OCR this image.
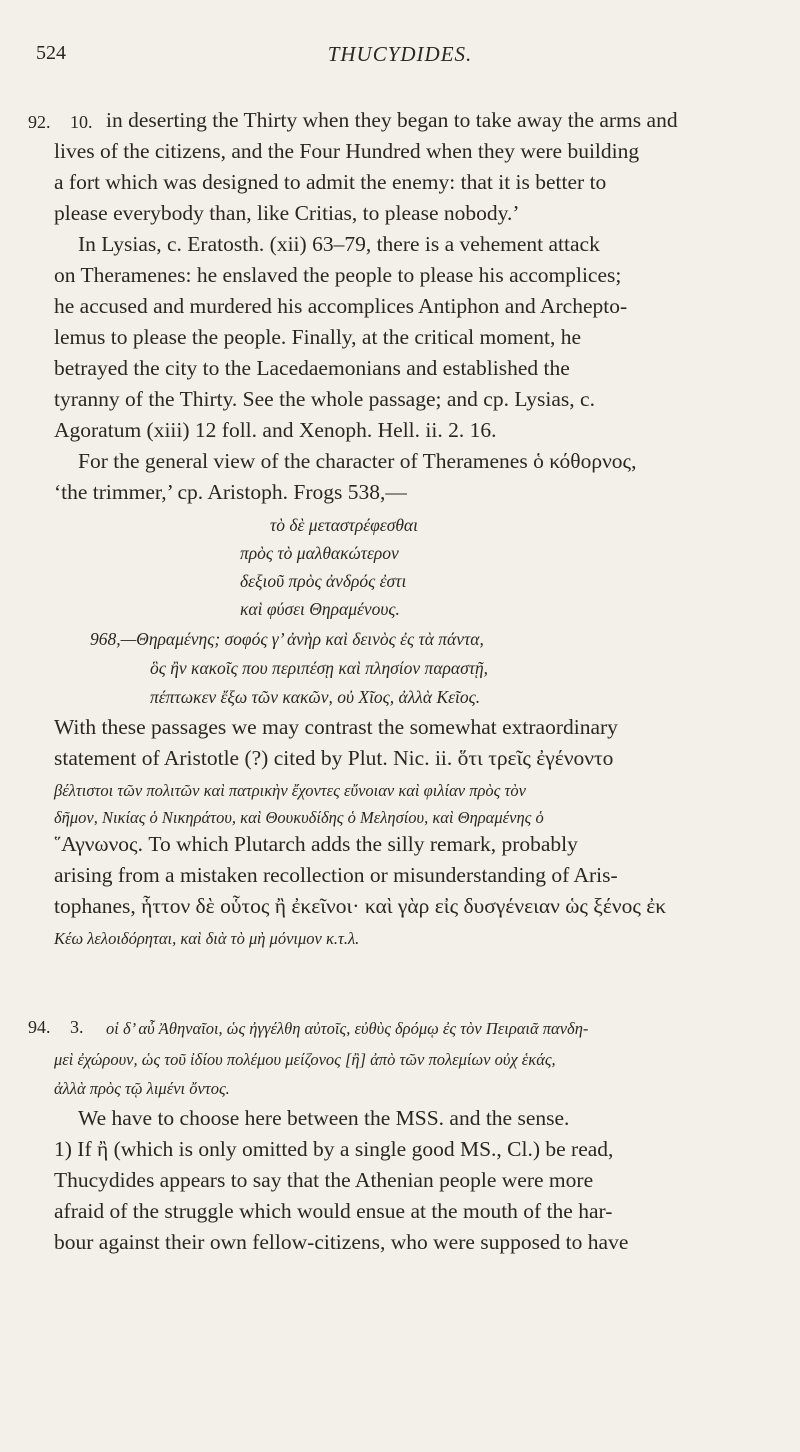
524	THUCYDIDES.
92. 10. in deserting the Thirty when they began to take away the arms and
lives of the citizens, and the Four Hundred when they were building
a fort which was designed to admit the enemy: that it is better to
please everybody than, like Critias, to please nobody.’
In Lysias, c. Eratosth. (xii) 63–79, there is a vehement attack
on Theramenes: he enslaved the people to please his accomplices;
he accused and murdered his accomplices Antiphon and Archepto-
lemus to please the people. Finally, at the critical moment, he
betrayed the city to the Lacedaemonians and established the
tyranny of the Thirty. See the whole passage; and cp. Lysias, c.
Agoratum (xiii) 12 foll. and Xenoph. Hell. ii. 2. 16.
For the general view of the character of Theramenes ὁ κόθορνος,
‘the trimmer,’ cp. Aristoph. Frogs 538,—
τὸ δὲ μεταστρέφεσθαι
πρὸς τὸ μαλθακώτερον
δεξιοῦ πρὸς ἀνδρός ἐστι
καὶ φύσει Θηραμένους.
968,—Θηραμένης; σοφός γ’ ἀνὴρ καὶ δεινὸς ἐς τὰ πάντα,
ὃς ἢν κακοῖς που περιπέσῃ καὶ πλησίον παραστῇ,
πέπτωκεν ἔξω τῶν κακῶν, οὐ Χῖος, ἀλλὰ Κεῖος.
With these passages we may contrast the somewhat extraordinary
statement of Aristotle (?) cited by Plut. Nic. ii. ὅτι τρεῖς ἐγένοντο
βέλτιστοι τῶν πολιτῶν καὶ πατρικὴν ἔχοντες εὔνοιαν καὶ φιλίαν πρὸς τὸν
δῆμον, Νικίας ὁ Νικηράτου, καὶ Θουκυδίδης ὁ Μελησίου, καὶ Θηραμένης ὁ
῞Αγνωνος. To which Plutarch adds the silly remark, probably
arising from a mistaken recollection or misunderstanding of Aris-
tophanes, ἧττον δὲ οὗτος ἢ ἐκεῖνοι· καὶ γὰρ εἰς δυσγένειαν ὡς ξένος ἐκ
Κέω λελοιδόρηται, καὶ διὰ τὸ μὴ μόνιμον κ.τ.λ.
94. 3. οἱ δ’ αὖ Ἀθηναῖοι, ὡς ἠγγέλθη αὐτοῖς, εὐθὺς δρόμῳ ἐς τὸν Πειραιᾶ πανδη-
μεὶ ἐχώρουν, ὡς τοῦ ἰδίου πολέμου μείζονος [ἢ] ἀπὸ τῶν πολεμίων οὐχ ἑκάς,
ἀλλὰ πρὸς τῷ λιμένι ὄντος.
We have to choose here between the MSS. and the sense.
1) If ἢ (which is only omitted by a single good MS., Cl.) be read,
Thucydides appears to say that the Athenian people were more
afraid of the struggle which would ensue at the mouth of the har-
bour against their own fellow-citizens, who were supposed to have
